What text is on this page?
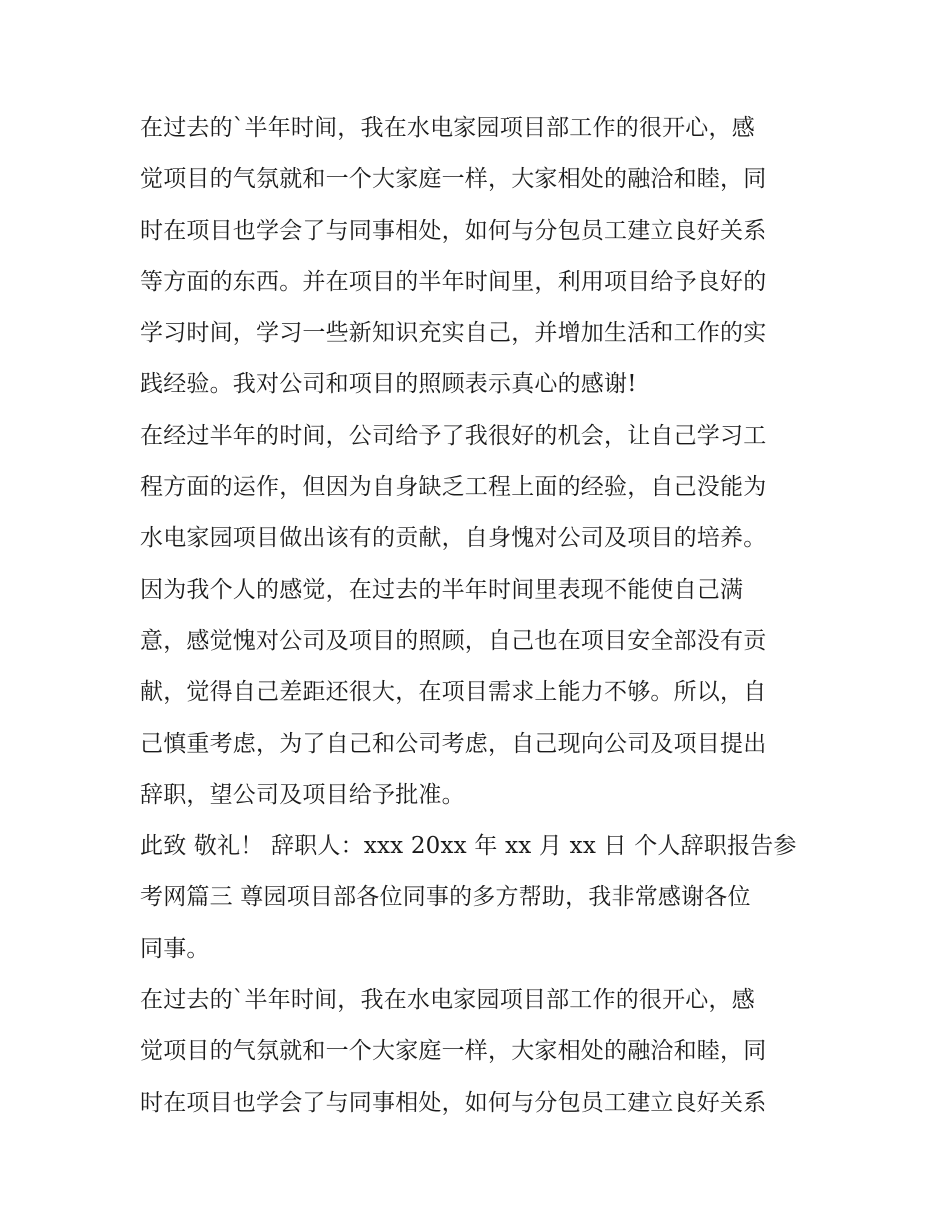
在过去的`半年时间，我在水电家园项目部工作的很开心，感
觉项目的气氛就和一个大家庭一样，大家相处的融洽和睦，同
时在项目也学会了与同事相处，如何与分包员工建立良好关系
等方面的东西。并在项目的半年时间里，利用项目给予良好的
学习时间，学习一些新知识充实自己，并增加生活和工作的实
践经验。我对公司和项目的照顾表示真心的感谢!
在经过半年的时间，公司给予了我很好的机会，让自己学习工
程方面的运作，但因为自身缺乏工程上面的经验，自己没能为
水电家园项目做出该有的贡献，自身愧对公司及项目的培养。
因为我个人的感觉，在过去的半年时间里表现不能使自己满
意，感觉愧对公司及项目的照顾，自己也在项目安全部没有贡
献，觉得自己差距还很大，在项目需求上能力不够。所以，自
己慎重考虑，为了自己和公司考虑，自己现向公司及项目提出
辞职，望公司及项目给予批准。
此致 敬礼！ 辞职人：xxx 20xx 年 xx 月 xx 日 个人辞职报告参
考网篇三 尊园项目部各位同事的多方帮助，我非常感谢各位
同事。
在过去的`半年时间，我在水电家园项目部工作的很开心，感
觉项目的气氛就和一个大家庭一样，大家相处的融洽和睦，同
时在项目也学会了与同事相处，如何与分包员工建立良好关系
